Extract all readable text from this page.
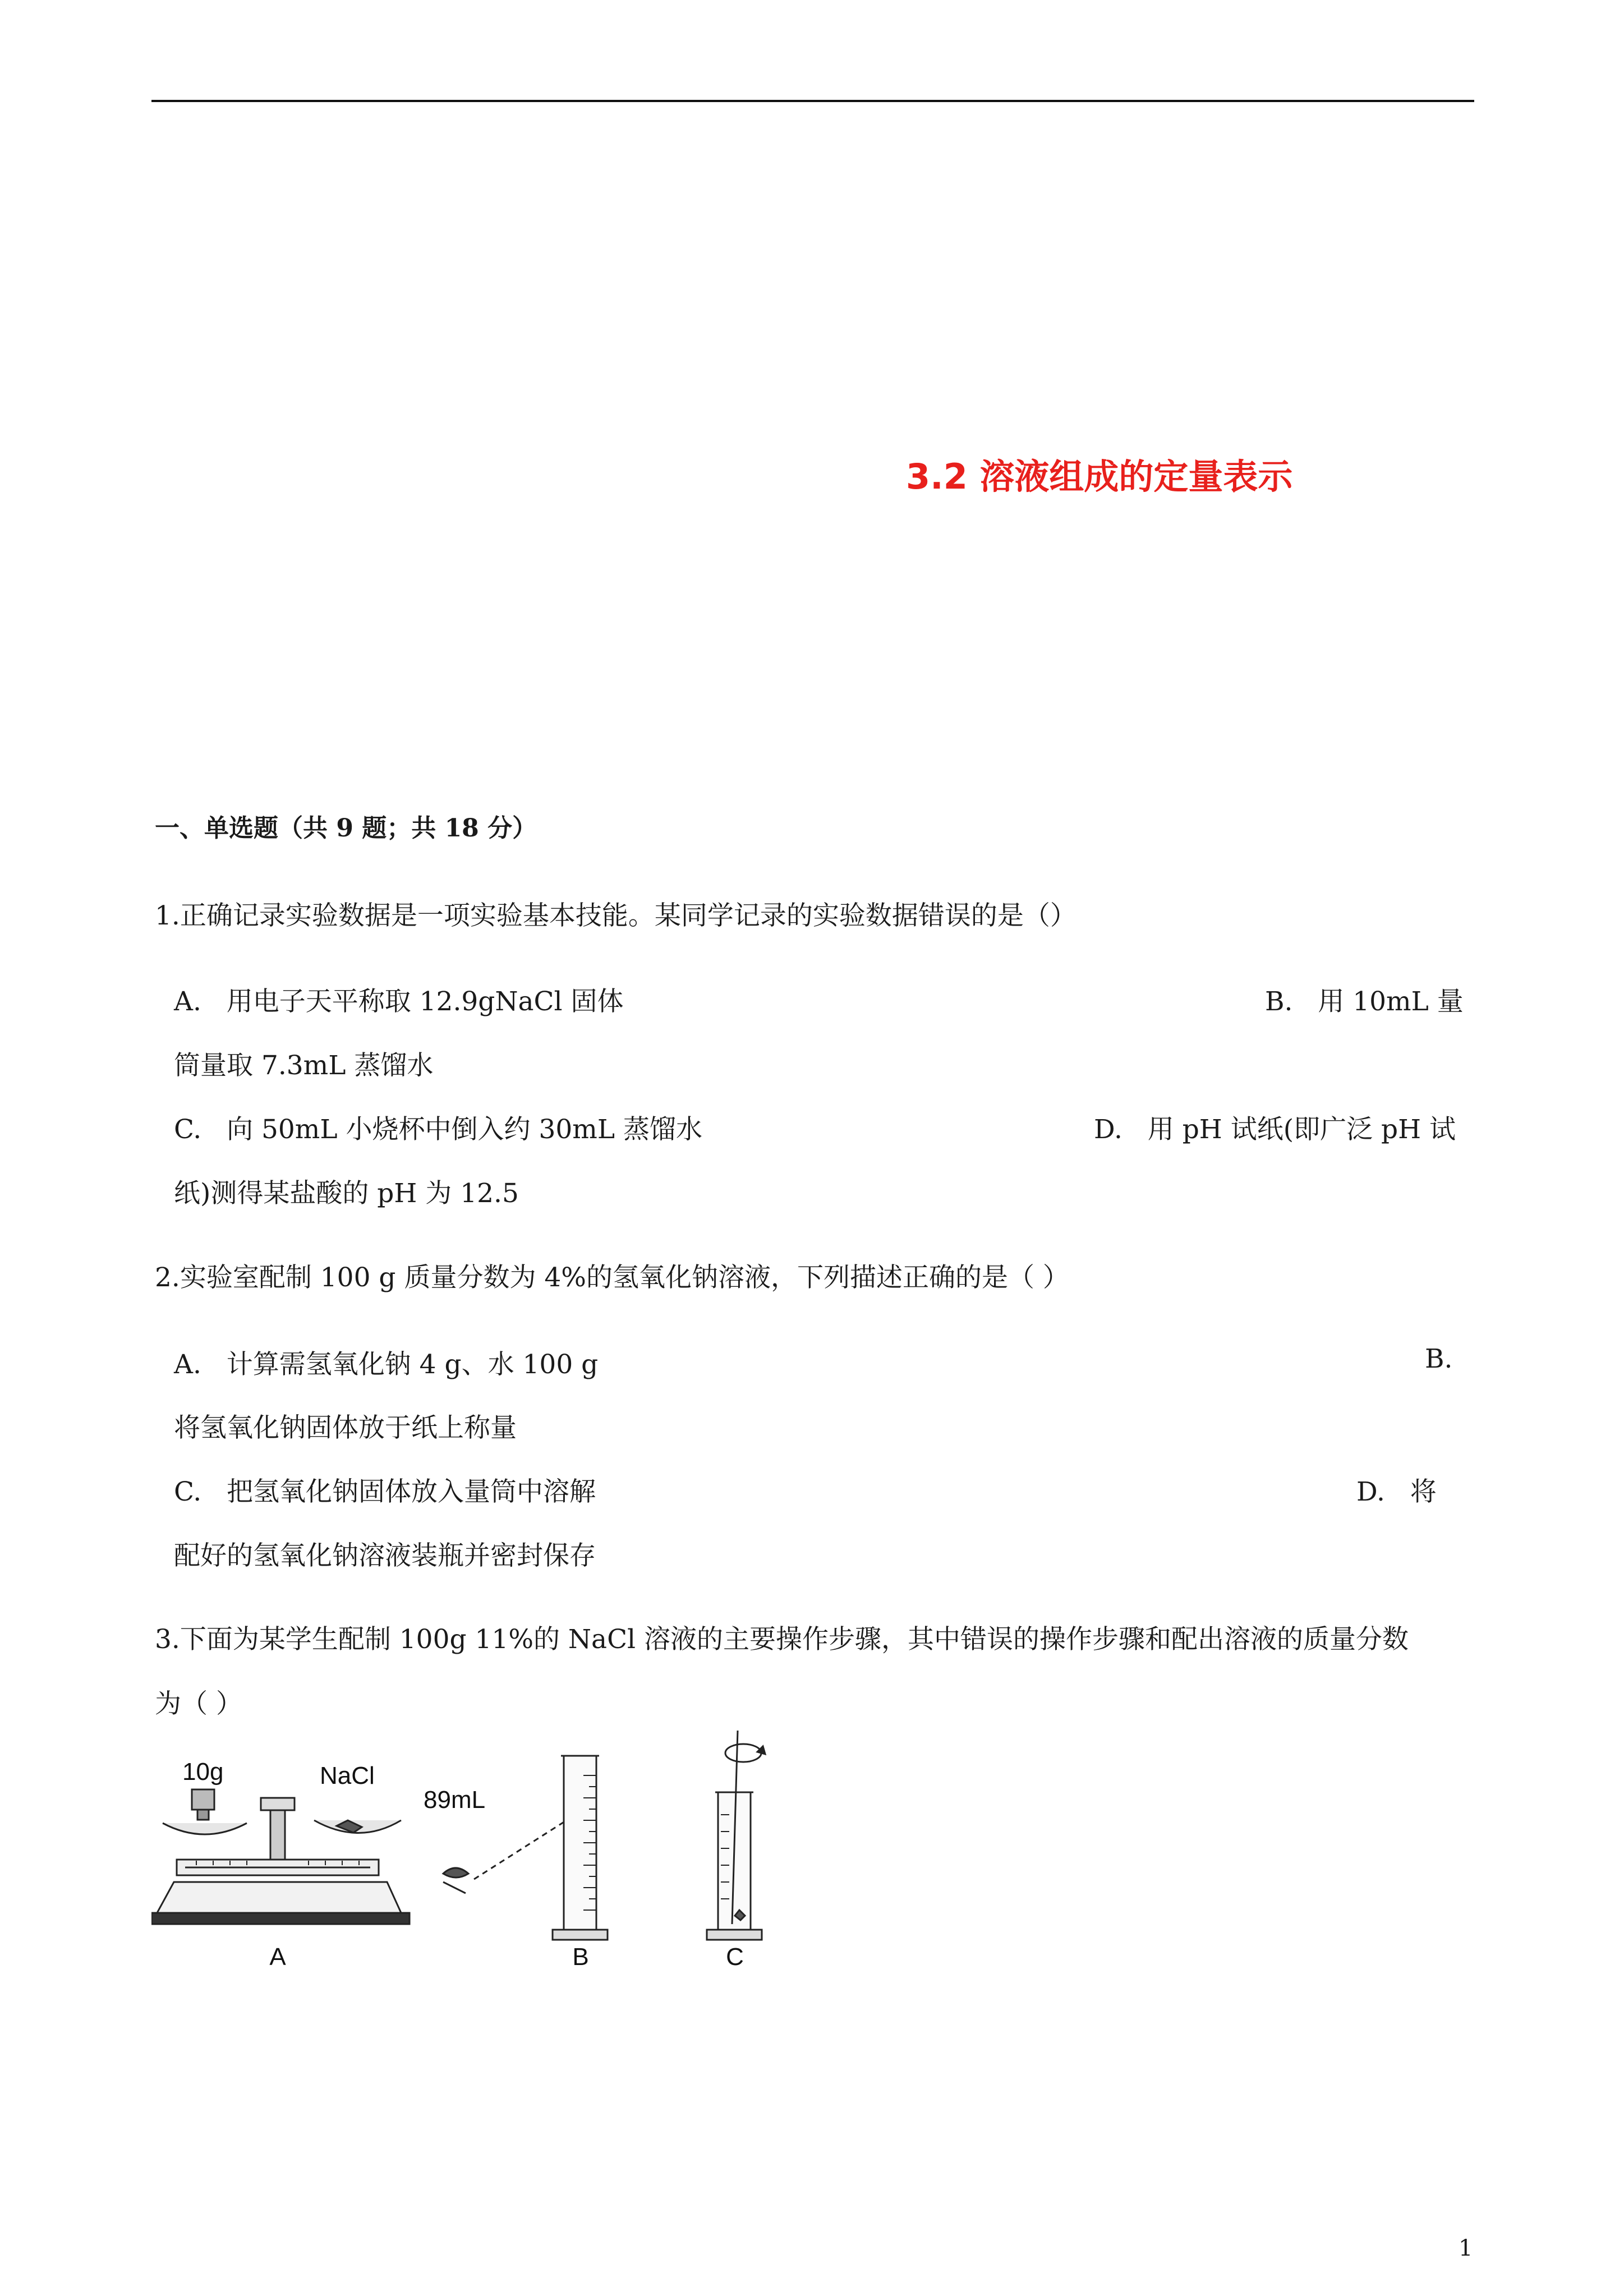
3.2 溶液组成的定量表示
一、单选题（共 9 题；共 18 分）
1.正确记录实验数据是一项实验基本技能。某同学记录的实验数据错误的是（）
A. 用电子天平称取 12.9gNaCl 固体	B. 用 10mL 量
筒量取 7.3mL 蒸馏水
C. 向 50mL 小烧杯中倒入约 30mL 蒸馏水	D. 用 pH 试纸(即广泛 pH 试
纸)测得某盐酸的 pH 为 12.5
2.实验室配制 100 g 质量分数为 4%的氢氧化钠溶液，下列描述正确的是（ ）
A. 计算需氢氧化钠 4 g、水 100 g	B.
将氢氧化钠固体放于纸上称量
C. 把氢氧化钠固体放入量筒中溶解	D. 将
配好的氢氧化钠溶液装瓶并密封保存
3.下面为某学生配制 100g 11%的 NaCl 溶液的主要操作步骤，其中错误的操作步骤和配出溶液的质量分数
为（ ）
10g	NaCl
A
89mL
B	C
1
